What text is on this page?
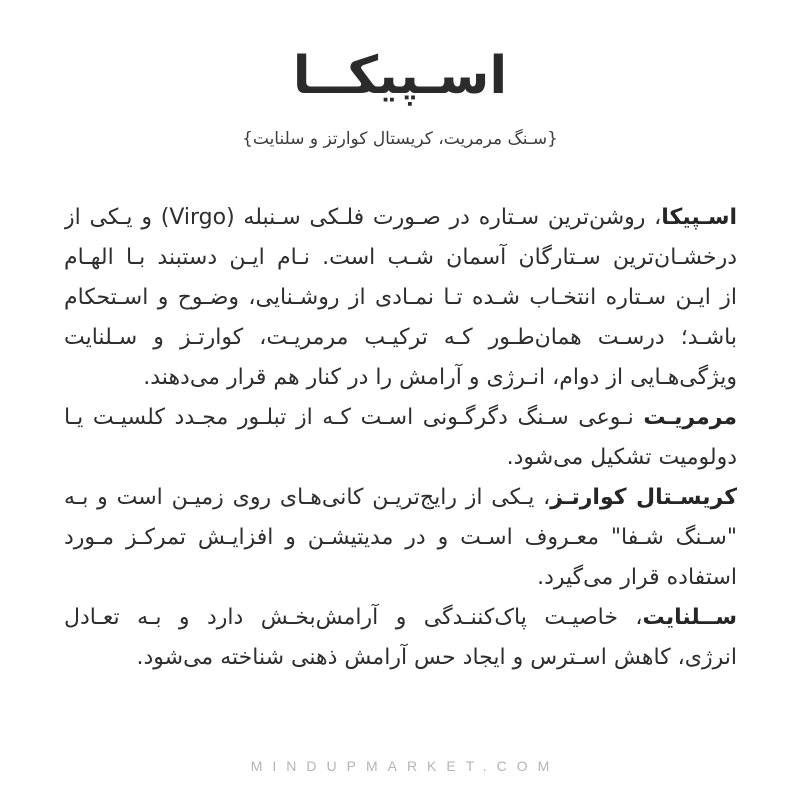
اسـپیکــا

{سـنگ مرمریت، کریستال کوارتز و سلنایت}

اسـپیکا، روشن‌ترین سـتاره در صـورت فلـکی سـنبله (Virgo) و یـکی از
درخشـان‌ترین سـتارگان آسمان شـب است. نـام ایـن دستبند بـا الهـام
از ایـن سـتاره انتخـاب شـده تـا نمـادی از روشـنایی، وضـوح و اسـتحکام
باشـد؛ درسـت همان‌طـور کـه ترکیـب مرمریـت، کوارتـز و سـلنایت
ویژگی‌هـایی از دوام، انـرژی و آرامش را در کنار هم قرار می‌دهند.
مرمریـت نـوعی سـنگ دگرگـونی اسـت کـه از تبلـور مجـدد کلسیـت یـا
دولومیت تشکیل می‌شود.
کریسـتال کوارتـز، یـکی از رایج‌تریـن کانی‌هـای روی زمیـن است و بـه
"سـنگ شـفا" معـروف اسـت و در مدیتیشـن و افزایـش تمرکـز مـورد
استفاده قرار می‌گیرد.
ســلنایت، خاصیـت پاک‌کننـدگی و آرامش‌بخـش دارد و بـه تعـادل
انرژی، کاهش اسـترس و ایجاد حس آرامش ذهنی شناخته می‌شود.
MINDUPMARKET.COM
